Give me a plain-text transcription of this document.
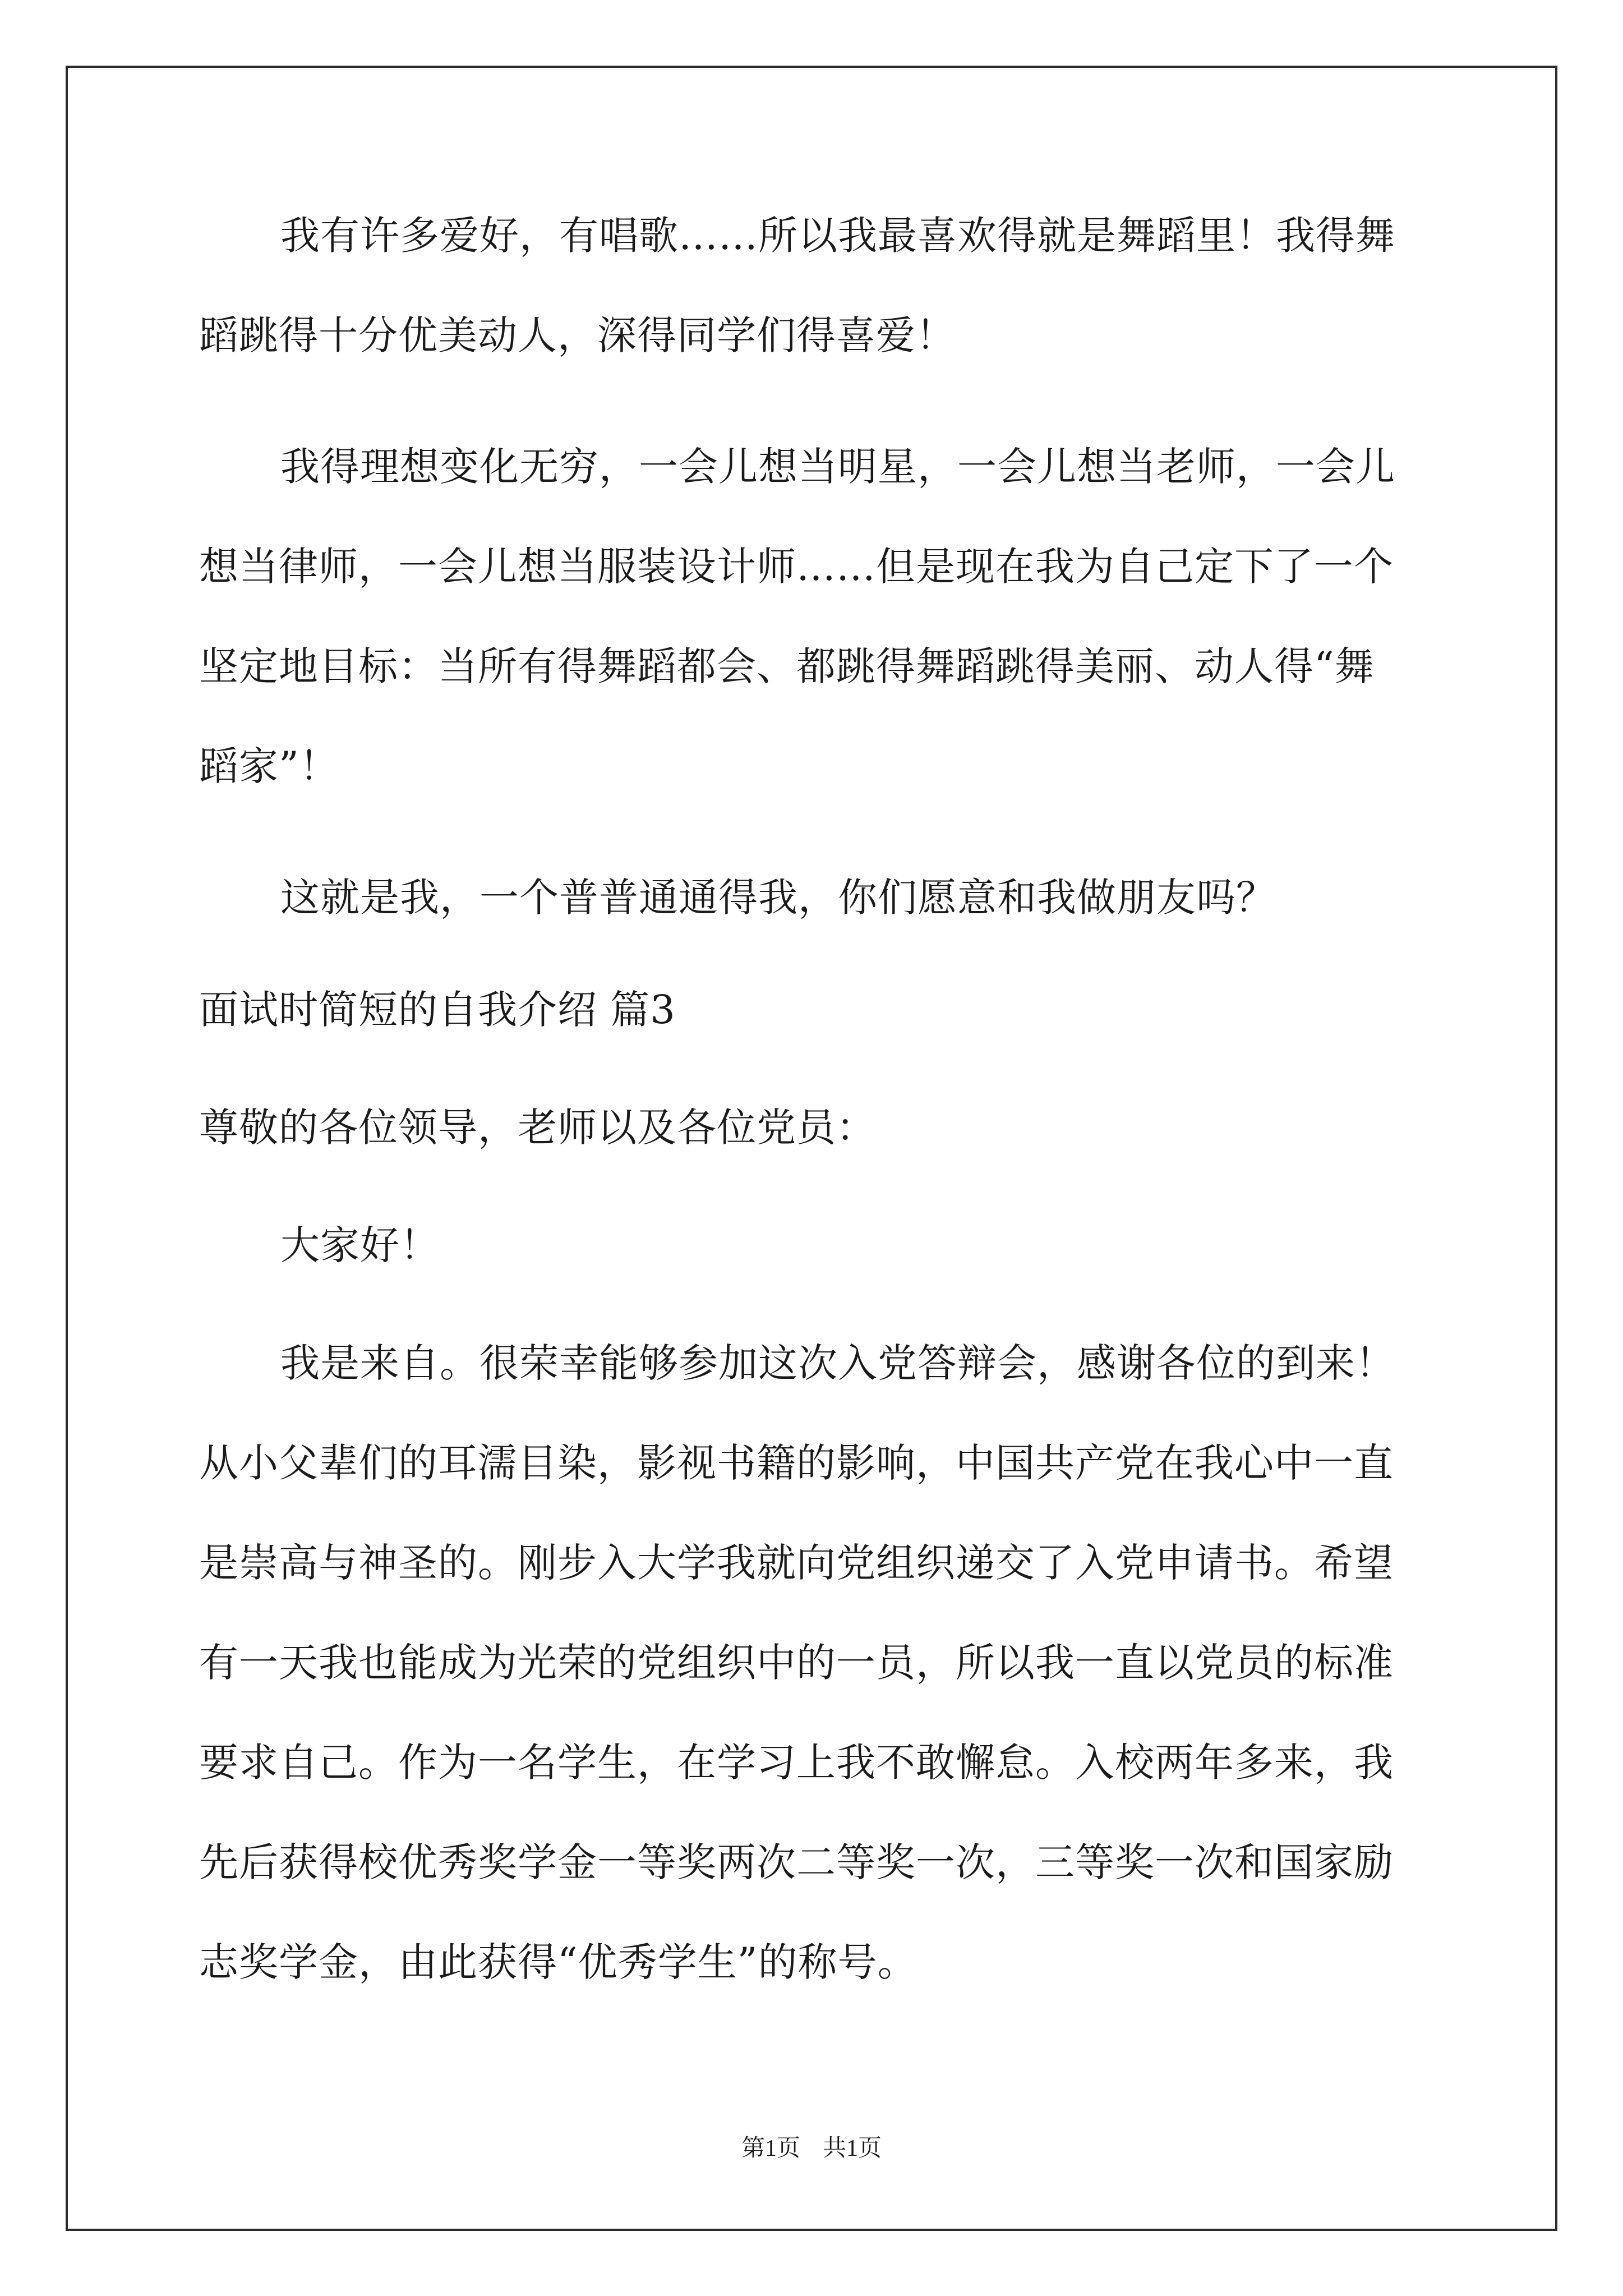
我有许多爱好，有唱歌……所以我最喜欢得就是舞蹈里！我得舞
蹈跳得十分优美动人，深得同学们得喜爱！
我得理想变化无穷，一会儿想当明星，一会儿想当老师，一会儿
想当律师，一会儿想当服装设计师……但是现在我为自己定下了一个
坚定地目标：当所有得舞蹈都会、都跳得舞蹈跳得美丽、动人得“舞
蹈家”！
这就是我，一个普普通通得我，你们愿意和我做朋友吗？
面试时简短的自我介绍 篇3
尊敬的各位领导，老师以及各位党员：
大家好！
我是来自。很荣幸能够参加这次入党答辩会，感谢各位的到来！
从小父辈们的耳濡目染，影视书籍的影响，中国共产党在我心中一直
是崇高与神圣的。刚步入大学我就向党组织递交了入党申请书。希望
有一天我也能成为光荣的党组织中的一员，所以我一直以党员的标准
要求自己。作为一名学生，在学习上我不敢懈怠。入校两年多来，我
先后获得校优秀奖学金一等奖两次二等奖一次，三等奖一次和国家励
志奖学金，由此获得“优秀学生”的称号。
第1页 共1页
